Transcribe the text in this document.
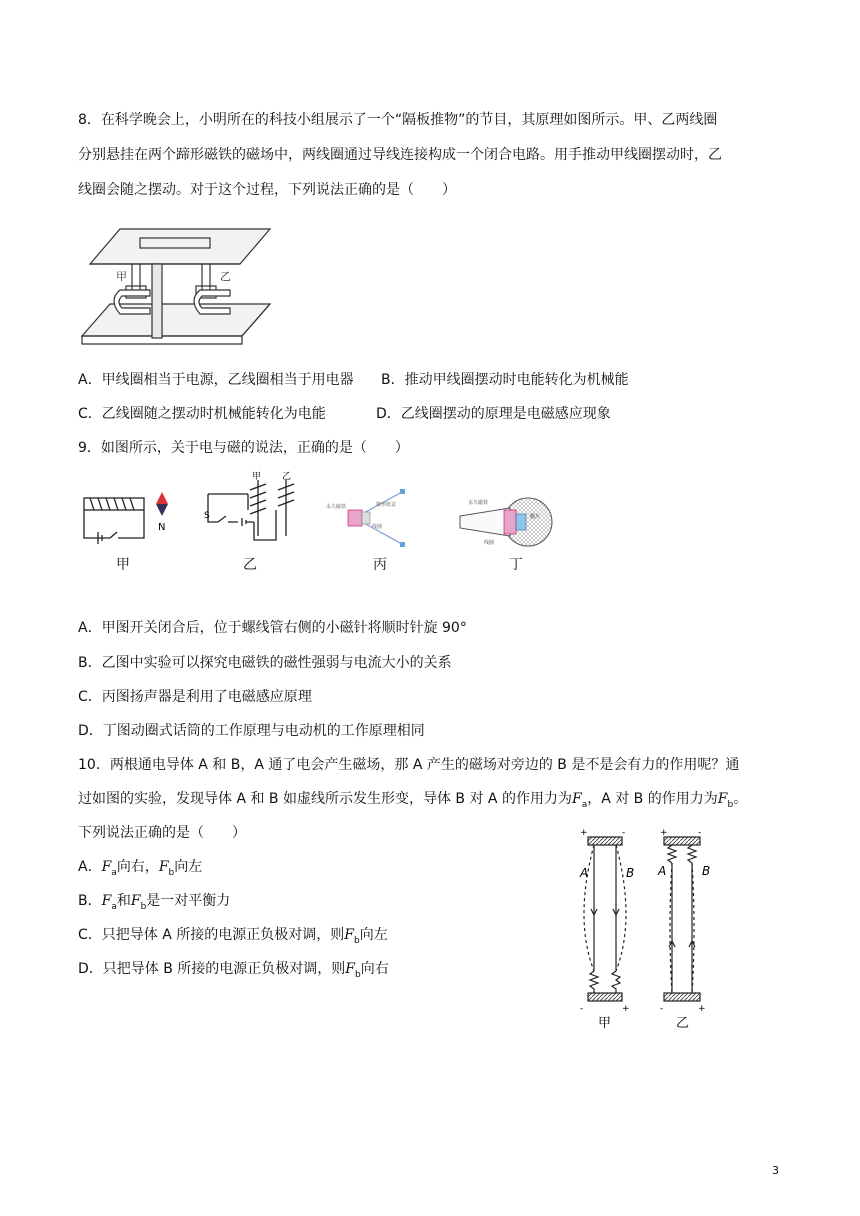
8．在科学晚会上，小明所在的科技小组展示了一个“隔板推物”的节目，其原理如图所示。甲、乙两线圈
分别悬挂在两个蹄形磁铁的磁场中，两线圈通过导线连接构成一个闭合电路。用手推动甲线圈摆动时，乙
线圈会随之摆动。对于这个过程，下列说法正确的是（　　）
甲	乙
A．甲线圈相当于电源，乙线圈相当于用电器 B．推动甲线圈摆动时电能转化为机械能
C．乙线圈随之摆动时机械能转化为电能	D．乙线圈摆动的原理是电磁感应现象
9．如图所示，关于电与磁的说法，正确的是（　　）
N
甲
甲 乙
S
乙
永久磁铁	锥形纸盆
线圈
丙
永久磁铁
膜片
线圈
丁
A．甲图开关闭合后，位于螺线管右侧的小磁针将顺时针旋 90°
B．乙图中实验可以探究电磁铁的磁性强弱与电流大小的关系
C．丙图扬声器是利用了电磁感应原理
D．丁图动圈式话筒的工作原理与电动机的工作原理相同
10．两根通电导体 A 和 B，A 通了电会产生磁场，那 A 产生的磁场对旁边的 B 是不是会有力的作用呢？通
过如图的实验，发现导体 A 和 B 如虚线所示发生形变，导体 B 对 A 的作用力为$F_a$，A 对 B 的作用力为$F_b$。
下列说法正确的是（　　）
A．$F_a$向右，$F_b$向左
B．$F_a$和$F_b$是一对平衡力
C．只把导体 A 所接的电源正负极对调，则$F_b$向左
D．只把导体 B 所接的电源正负极对调，则$F_b$向右
A	B A	B
+	-
-	+
+	-
-	+
甲	乙
3
